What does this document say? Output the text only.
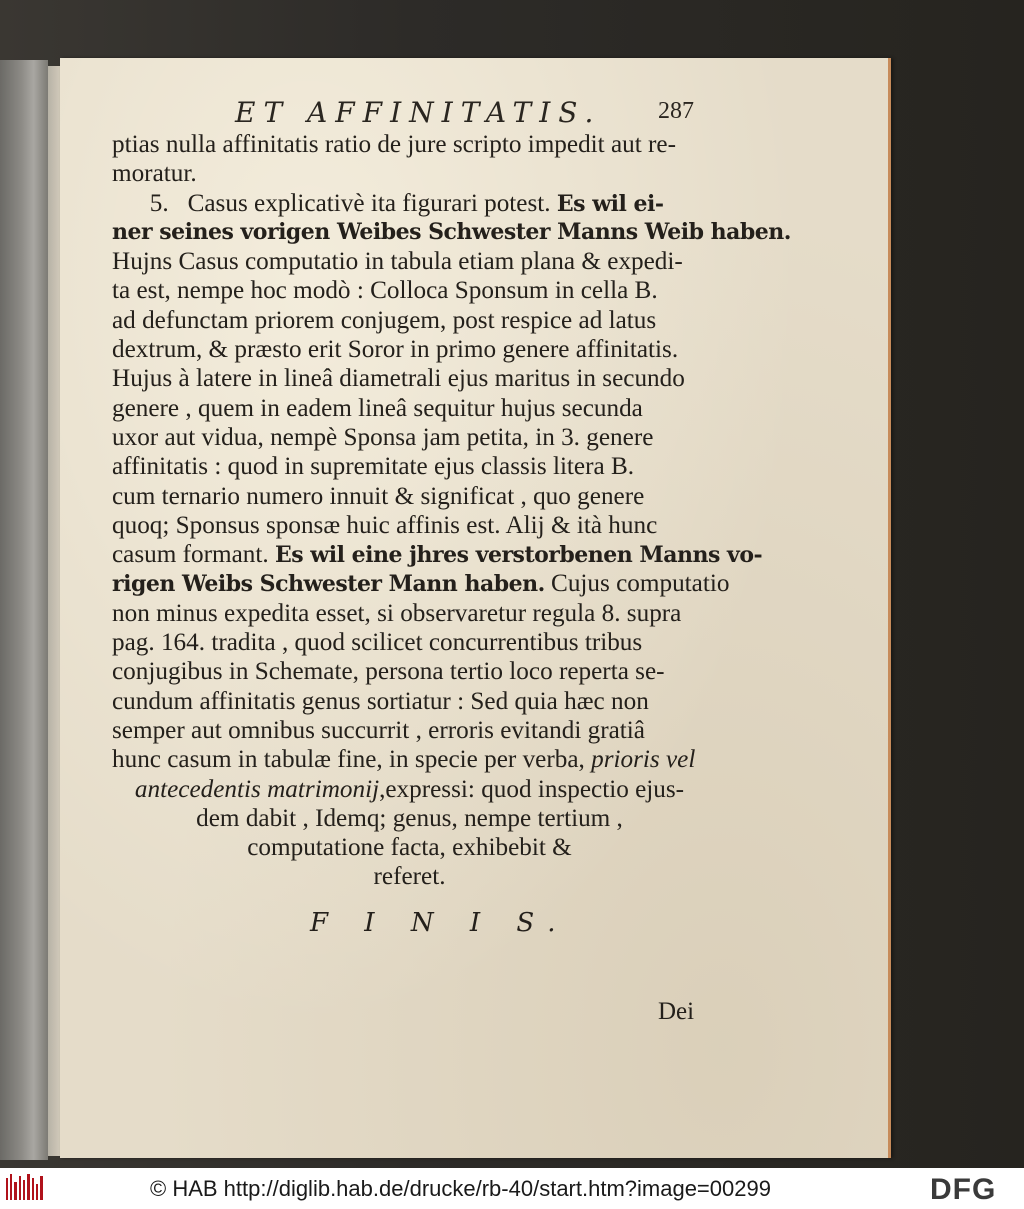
ET AFFINITATIS.	287
ptias nulla affinitatis ratio de jure scripto impedit aut re-
moratur.
5.   Casus explicativè ita figurari potest. Es wil ei-
ner seines vorigen Weibes Schwester Manns Weib haben.
Hujns Casus computatio in tabula etiam plana & expedi-
ta est, nempe hoc modò : Colloca Sponsum in cella B.
ad defunctam priorem conjugem, post respice ad latus
dextrum, & præsto erit Soror in primo genere affinitatis.
Hujus à latere in lineâ diametrali ejus maritus in secundo
genere , quem in eadem lineâ sequitur hujus secunda
uxor aut vidua, nempè Sponsa jam petita, in 3. genere
affinitatis : quod in supremitate ejus classis litera B.
cum ternario numero innuit & significat , quo genere
quoq; Sponsus sponsæ huic affinis est. Alij & ità hunc
casum formant. Es wil eine jhres verstorbenen Manns vo-
rigen Weibs Schwester Mann haben. Cujus computatio
non minus expedita esset, si observaretur regula 8. supra
pag. 164. tradita , quod scilicet concurrentibus tribus
conjugibus in Schemate, persona tertio loco reperta se-
cundum affinitatis genus sortiatur : Sed quia hæc non
semper aut omnibus succurrit , erroris evitandi gratiâ
hunc casum in tabulæ fine, in specie per verba, prioris vel
antecedentis matrimonij,expressi: quod inspectio ejus-
dem dabit , Idemq; genus, nempe tertium ,
computatione facta, exhibebit &
referet.
F I N I S.
Dei
© HAB http://diglib.hab.de/drucke/rb-40/start.htm?image=00299	DFG
